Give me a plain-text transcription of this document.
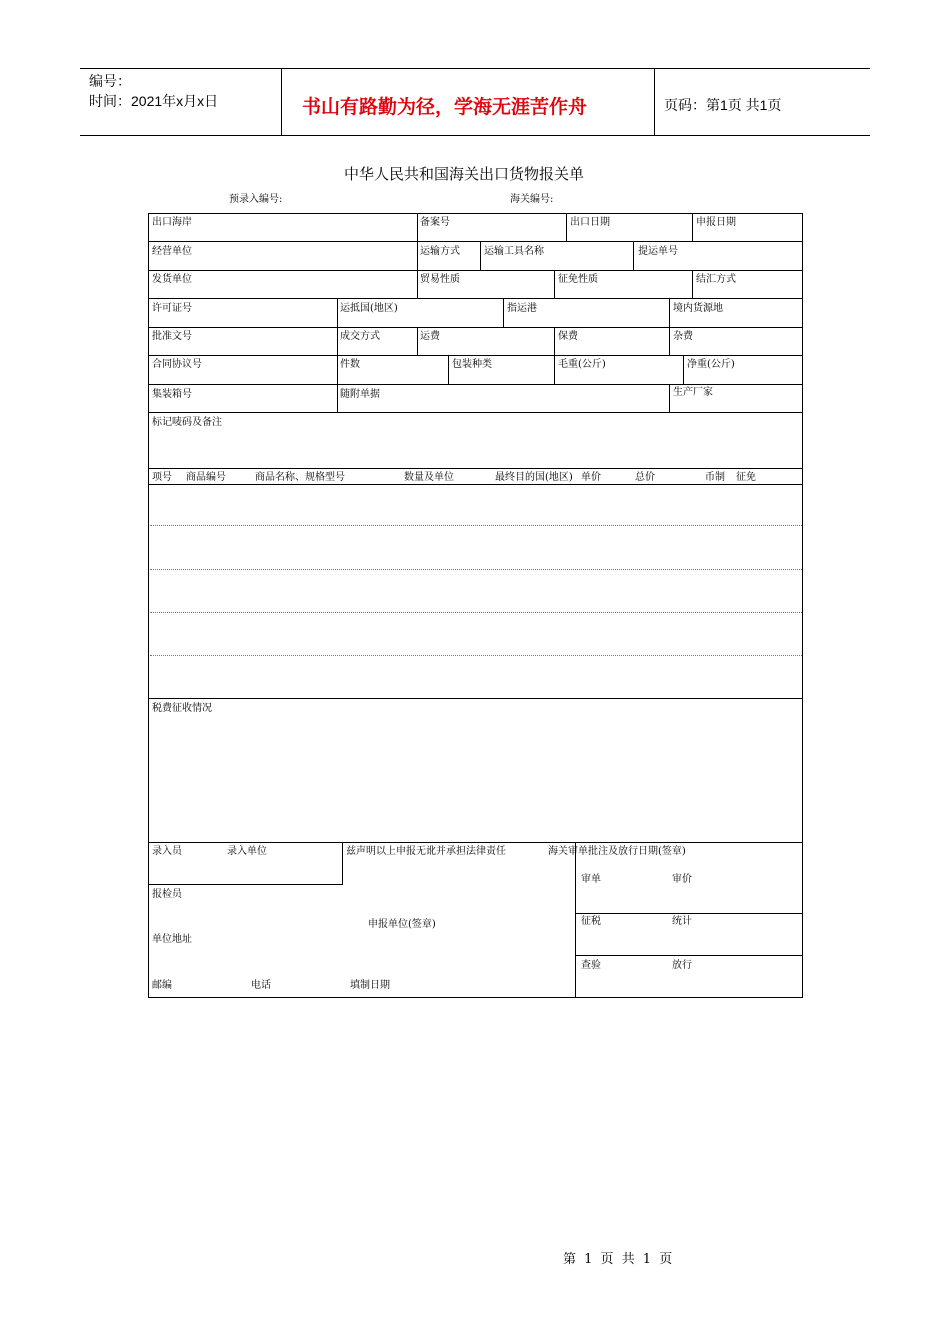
编号：
时间：2021年x月x日	书山有路勤为径，学海无涯苦作舟	页码：第1页 共1页
中华人民共和国海关出口货物报关单
预录入编号:	海关编号:
出口海岸	备案号	出口日期	申报日期
经营单位	运输方式 运输工具名称	提运单号
发货单位	贸易性质	征免性质	结汇方式
许可证号	运抵国(地区)	指运港	境内货源地
批准文号	成交方式	运费	保费	杂费
合同协议号	件数	包装种类	毛重(公斤)	净重(公斤)
集装箱号	随附单据	生产厂家
标记唛码及备注
项号 商品编号	商品名称、规格型号	数量及单位	最终目的国(地区) 单价	总价	币制 征免
税费征收情况
录入员	录入单位	兹声明以上申报无讹并承担法律责任	海关审单批注及放行日期(签章)
审单	审价
报检员
征税	统计
申报单位(签章)
单位地址
查验	放行
邮编	电话	填制日期
第 1 页 共 1 页
